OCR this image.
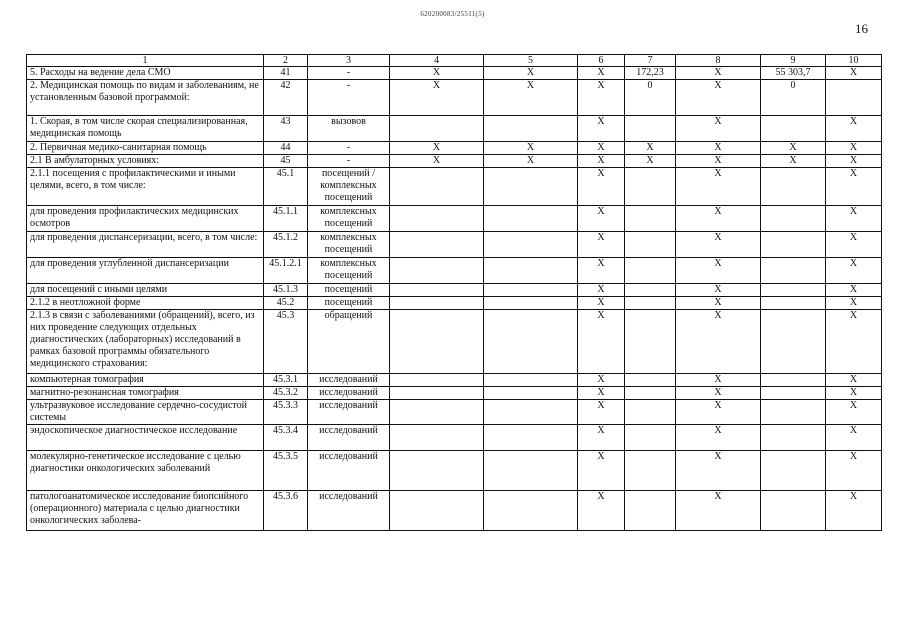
620200083/25511(5)
16
1	2	3	4	5	6	7	8	9	10
5. Расходы на ведение дела СМО	41	-	X	X	X	172,23	X	55 303,7	X
2. Медицинская помощь по видам и заболеваниям, не установленным базовой программой:	42	-	X	X	X	0	X	0	
1. Скорая, в том числе скорая специализированная, медицинская помощь	43	вызовов			X		X		X
2. Первичная медико-санитарная помощь	44	-	X	X	X	X	X	X	X
2.1 В амбулаторных условиях:	45	-	X	X	X	X	X	X	X
2.1.1 посещения с профилактическими и иными целями, всего, в том числе:	45.1	посещений / комплексных посещений			X		X		X
для проведения профилактических медицинских осмотров	45.1.1	комплексных посещений			X		X		X
для проведения диспансеризации, всего, в том числе:	45.1.2	комплексных посещений			X		X		X
для проведения углубленной диспансеризации	45.1.2.1	комплексных посещений			X		X		X
для посещений с иными целями	45.1.3	посещений			X		X		X
2.1.2 в неотложной форме	45.2	посещений			X		X		X
2.1.3 в связи с заболеваниями (обращений), всего, из них проведение следующих отдельных диагностических (лабораторных) исследований в рамках базовой программы обязательного медицинского страхования:	45.3	обращений			X		X		X
компьютерная томография	45.3.1	исследований			X		X		X
магнитно-резонансная томография	45.3.2	исследований			X		X		X
ультразвуковое исследование сердечно-сосудистой системы	45.3.3	исследований			X		X		X
эндоскопическое диагностическое исследование	45.3.4	исследований			X		X		X
молекулярно-генетическое исследование с целью диагностики онкологических заболеваний	45.3.5	исследований			X		X		X
патологоанатомическое исследование биопсийного (операционного) материала с целью диагностики онкологических заболева-	45.3.6	исследований			X		X		X
